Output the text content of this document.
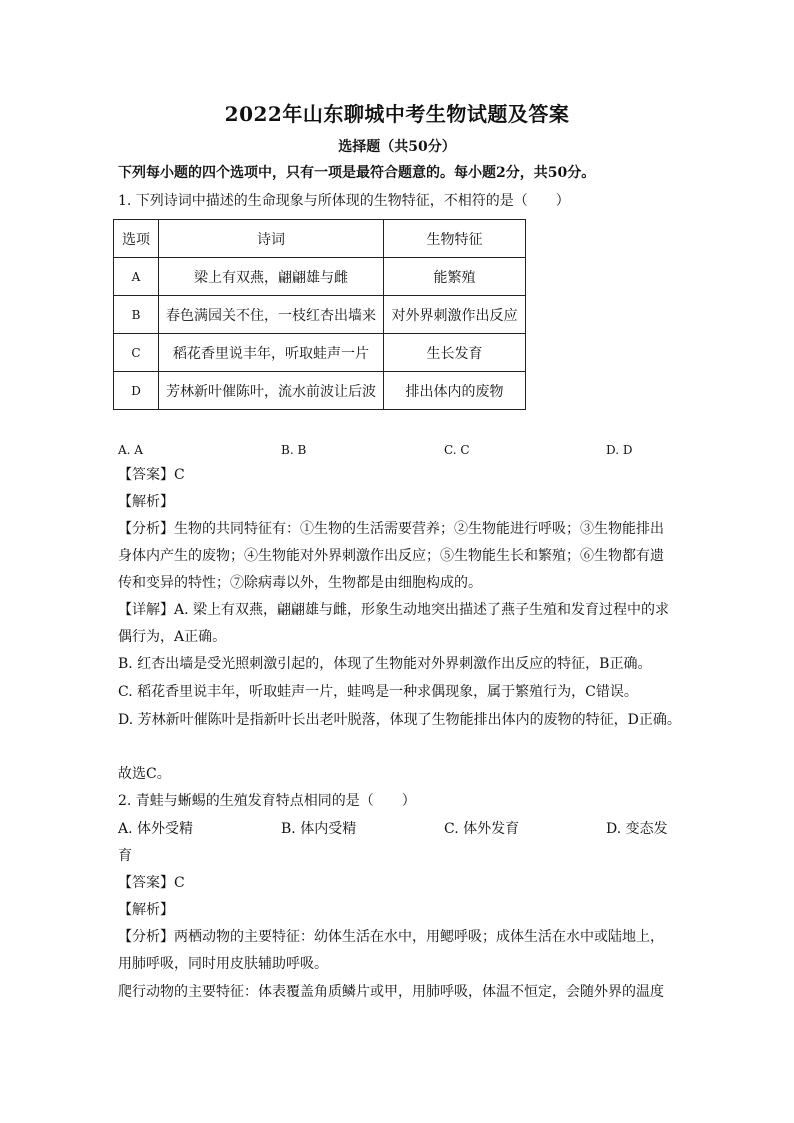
2022年山东聊城中考生物试题及答案
选择题（共50分）
下列每小题的四个选项中，只有一项是最符合题意的。每小题2分，共50分。
1. 下列诗词中描述的生命现象与所体现的生物特征，不相符的是（　　）
选项	诗词	生物特征
A	梁上有双燕，翩翩雄与雌	能繁殖
B	春色满园关不住，一枝红杏出墙来	对外界刺激作出反应
C	稻花香里说丰年，听取蛙声一片	生长发育
D	芳林新叶催陈叶，流水前波让后波	排出体内的废物
A. A	B. B	C. C	D. D
【答案】C
【解析】
【分析】生物的共同特征有：①生物的生活需要营养；②生物能进行呼吸；③生物能排出
身体内产生的废物；④生物能对外界刺激作出反应；⑤生物能生长和繁殖；⑥生物都有遗
传和变异的特性；⑦除病毒以外，生物都是由细胞构成的。
【详解】A. 梁上有双燕，翩翩雄与雌，形象生动地突出描述了燕子生殖和发育过程中的求
偶行为，A正确。
B. 红杏出墙是受光照刺激引起的，体现了生物能对外界刺激作出反应的特征，B正确。
C. 稻花香里说丰年，听取蛙声一片，蛙鸣是一种求偶现象，属于繁殖行为，C错误。
D. 芳林新叶催陈叶是指新叶长出老叶脱落，体现了生物能排出体内的废物的特征，D正确。
故选C。
2. 青蛙与蜥蜴的生殖发育特点相同的是（　　）
A. 体外受精	B. 体内受精	C. 体外发育	D. 变态发
育
【答案】C
【解析】
【分析】两栖动物的主要特征：幼体生活在水中，用鳃呼吸；成体生活在水中或陆地上，
用肺呼吸，同时用皮肤辅助呼吸。
爬行动物的主要特征：体表覆盖角质鳞片或甲，用肺呼吸，体温不恒定，会随外界的温度
